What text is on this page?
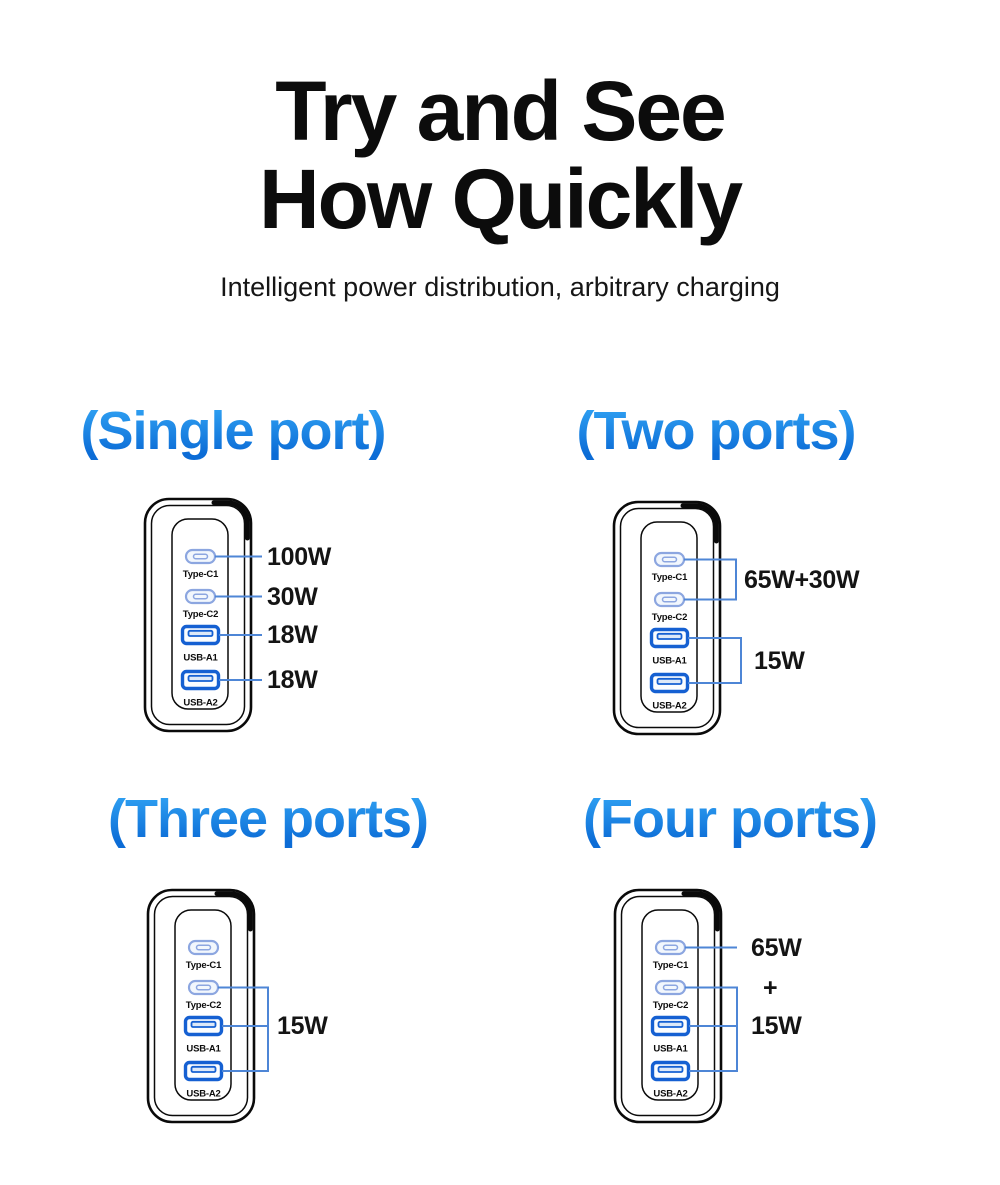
Try and See
How Quickly
Intelligent power distribution, arbitrary charging
(Single port)	(Two ports)
(Three ports)	(Four ports)
Type-C1
Type-C2
USB-A1
USB-A2
Type-C1
Type-C2
USB-A1
USB-A2
Type-C1
Type-C2
USB-A1
USB-A2
Type-C1
Type-C2
USB-A1
USB-A2
100W
30W
18W
18W
65W+30W
15W
15W
65W
+
15W
